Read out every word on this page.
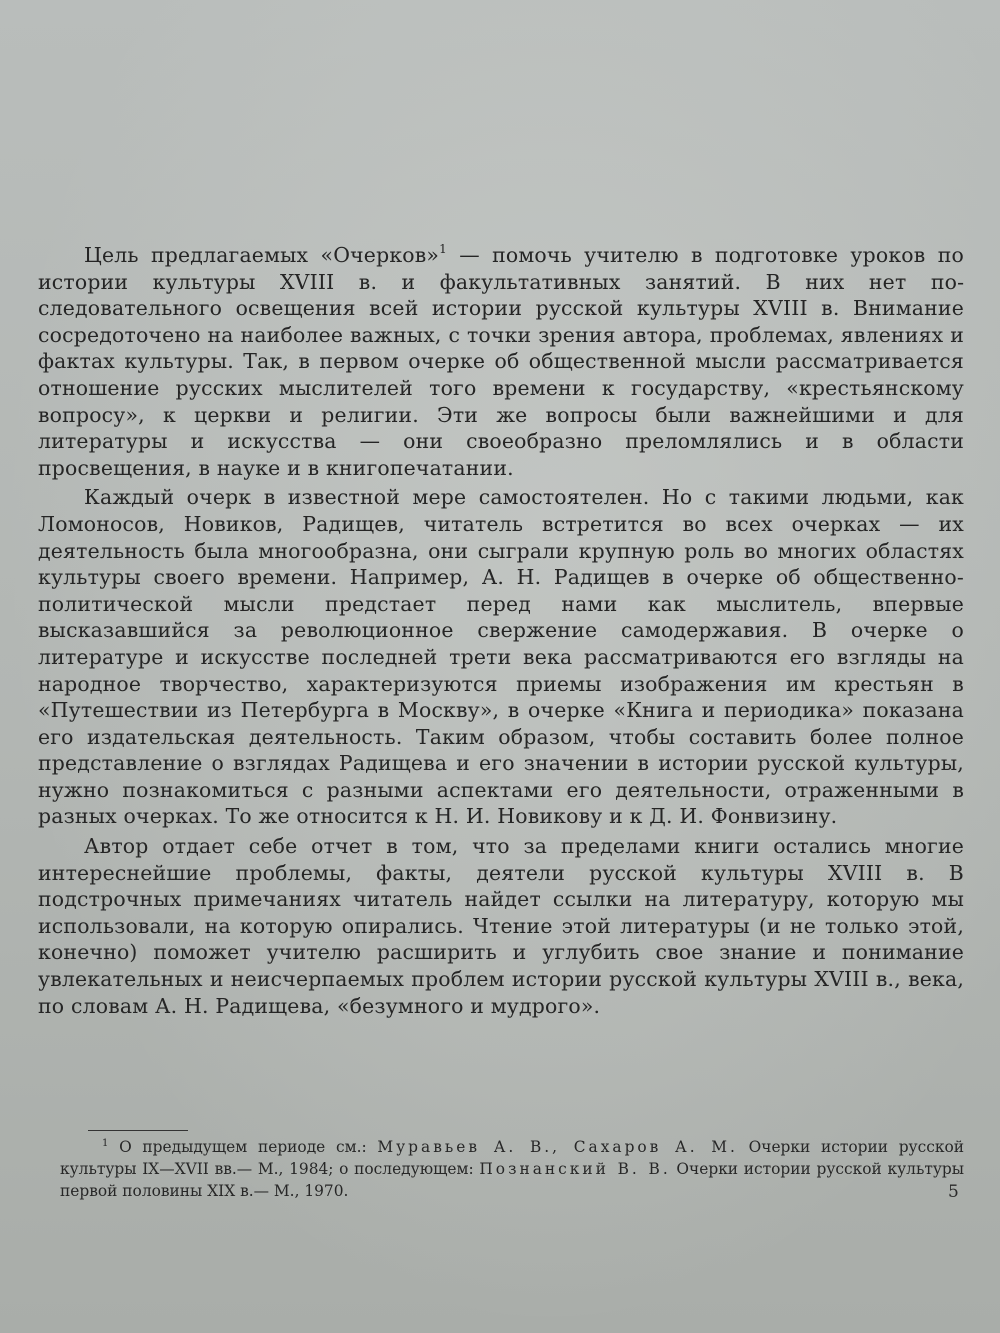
Цель предлагаемых «Очерков»$^1$ — помочь учителю в подготовке уроков по истории культуры XVIII в. и факультативных занятий. В них нет последовательного освещения всей истории русской культуры XVIII в. Внимание сосредоточено на наиболее важных, с точки зрения автора, проблемах, явлениях и фактах культуры. Так, в первом очерке об общественной мысли рассматривается отношение русских мыслителей того времени к государству, «крестьянскому вопросу», к церкви и религии. Эти же вопросы были важнейшими и для литературы и искусства — они своеобразно преломлялись и в области просвещения, в науке и в книгопечатании.

Каждый очерк в известной мере самостоятелен. Но с такими людьми, как Ломоносов, Новиков, Радищев, читатель встретится во всех очерках — их деятельность была многообразна, они сыграли крупную роль во многих областях культуры своего времени. Например, А. Н. Радищев в очерке об общественно-политической мысли предстает перед нами как мыслитель, впервые высказавшийся за революционное свержение самодержавия. В очерке о литературе и искусстве последней трети века рассматриваются его взгляды на народное творчество, характеризуются приемы изображения им крестьян в «Путешествии из Петербурга в Москву», в очерке «Книга и периодика» показана его издательская деятельность. Таким образом, чтобы составить более полное представление о взглядах Радищева и его значении в истории русской культуры, нужно познакомиться с разными аспектами его деятельности, отраженными в разных очерках. То же относится к Н. И. Новикову и к Д. И. Фонвизину.

Автор отдает себе отчет в том, что за пределами книги остались многие интереснейшие проблемы, факты, деятели русской культуры XVIII в. В подстрочных примечаниях читатель найдет ссылки на литературу, которую мы использовали, на которую опирались. Чтение этой литературы (и не только этой, конечно) поможет учителю расширить и углубить свое знание и понимание увлекательных и неисчерпаемых проблем истории русской культуры XVIII в., века, по словам А. Н. Радищева, «безумного и мудрого».

$^1$ О предыдущем периоде см.: Муравьев А. В., Сахаров А. М. Очерки истории русской культуры IX—XVII вв.— М., 1984; о последующем: Познанский В. В. Очерки истории русской культуры первой половины XIX в.— М., 1970.	5
